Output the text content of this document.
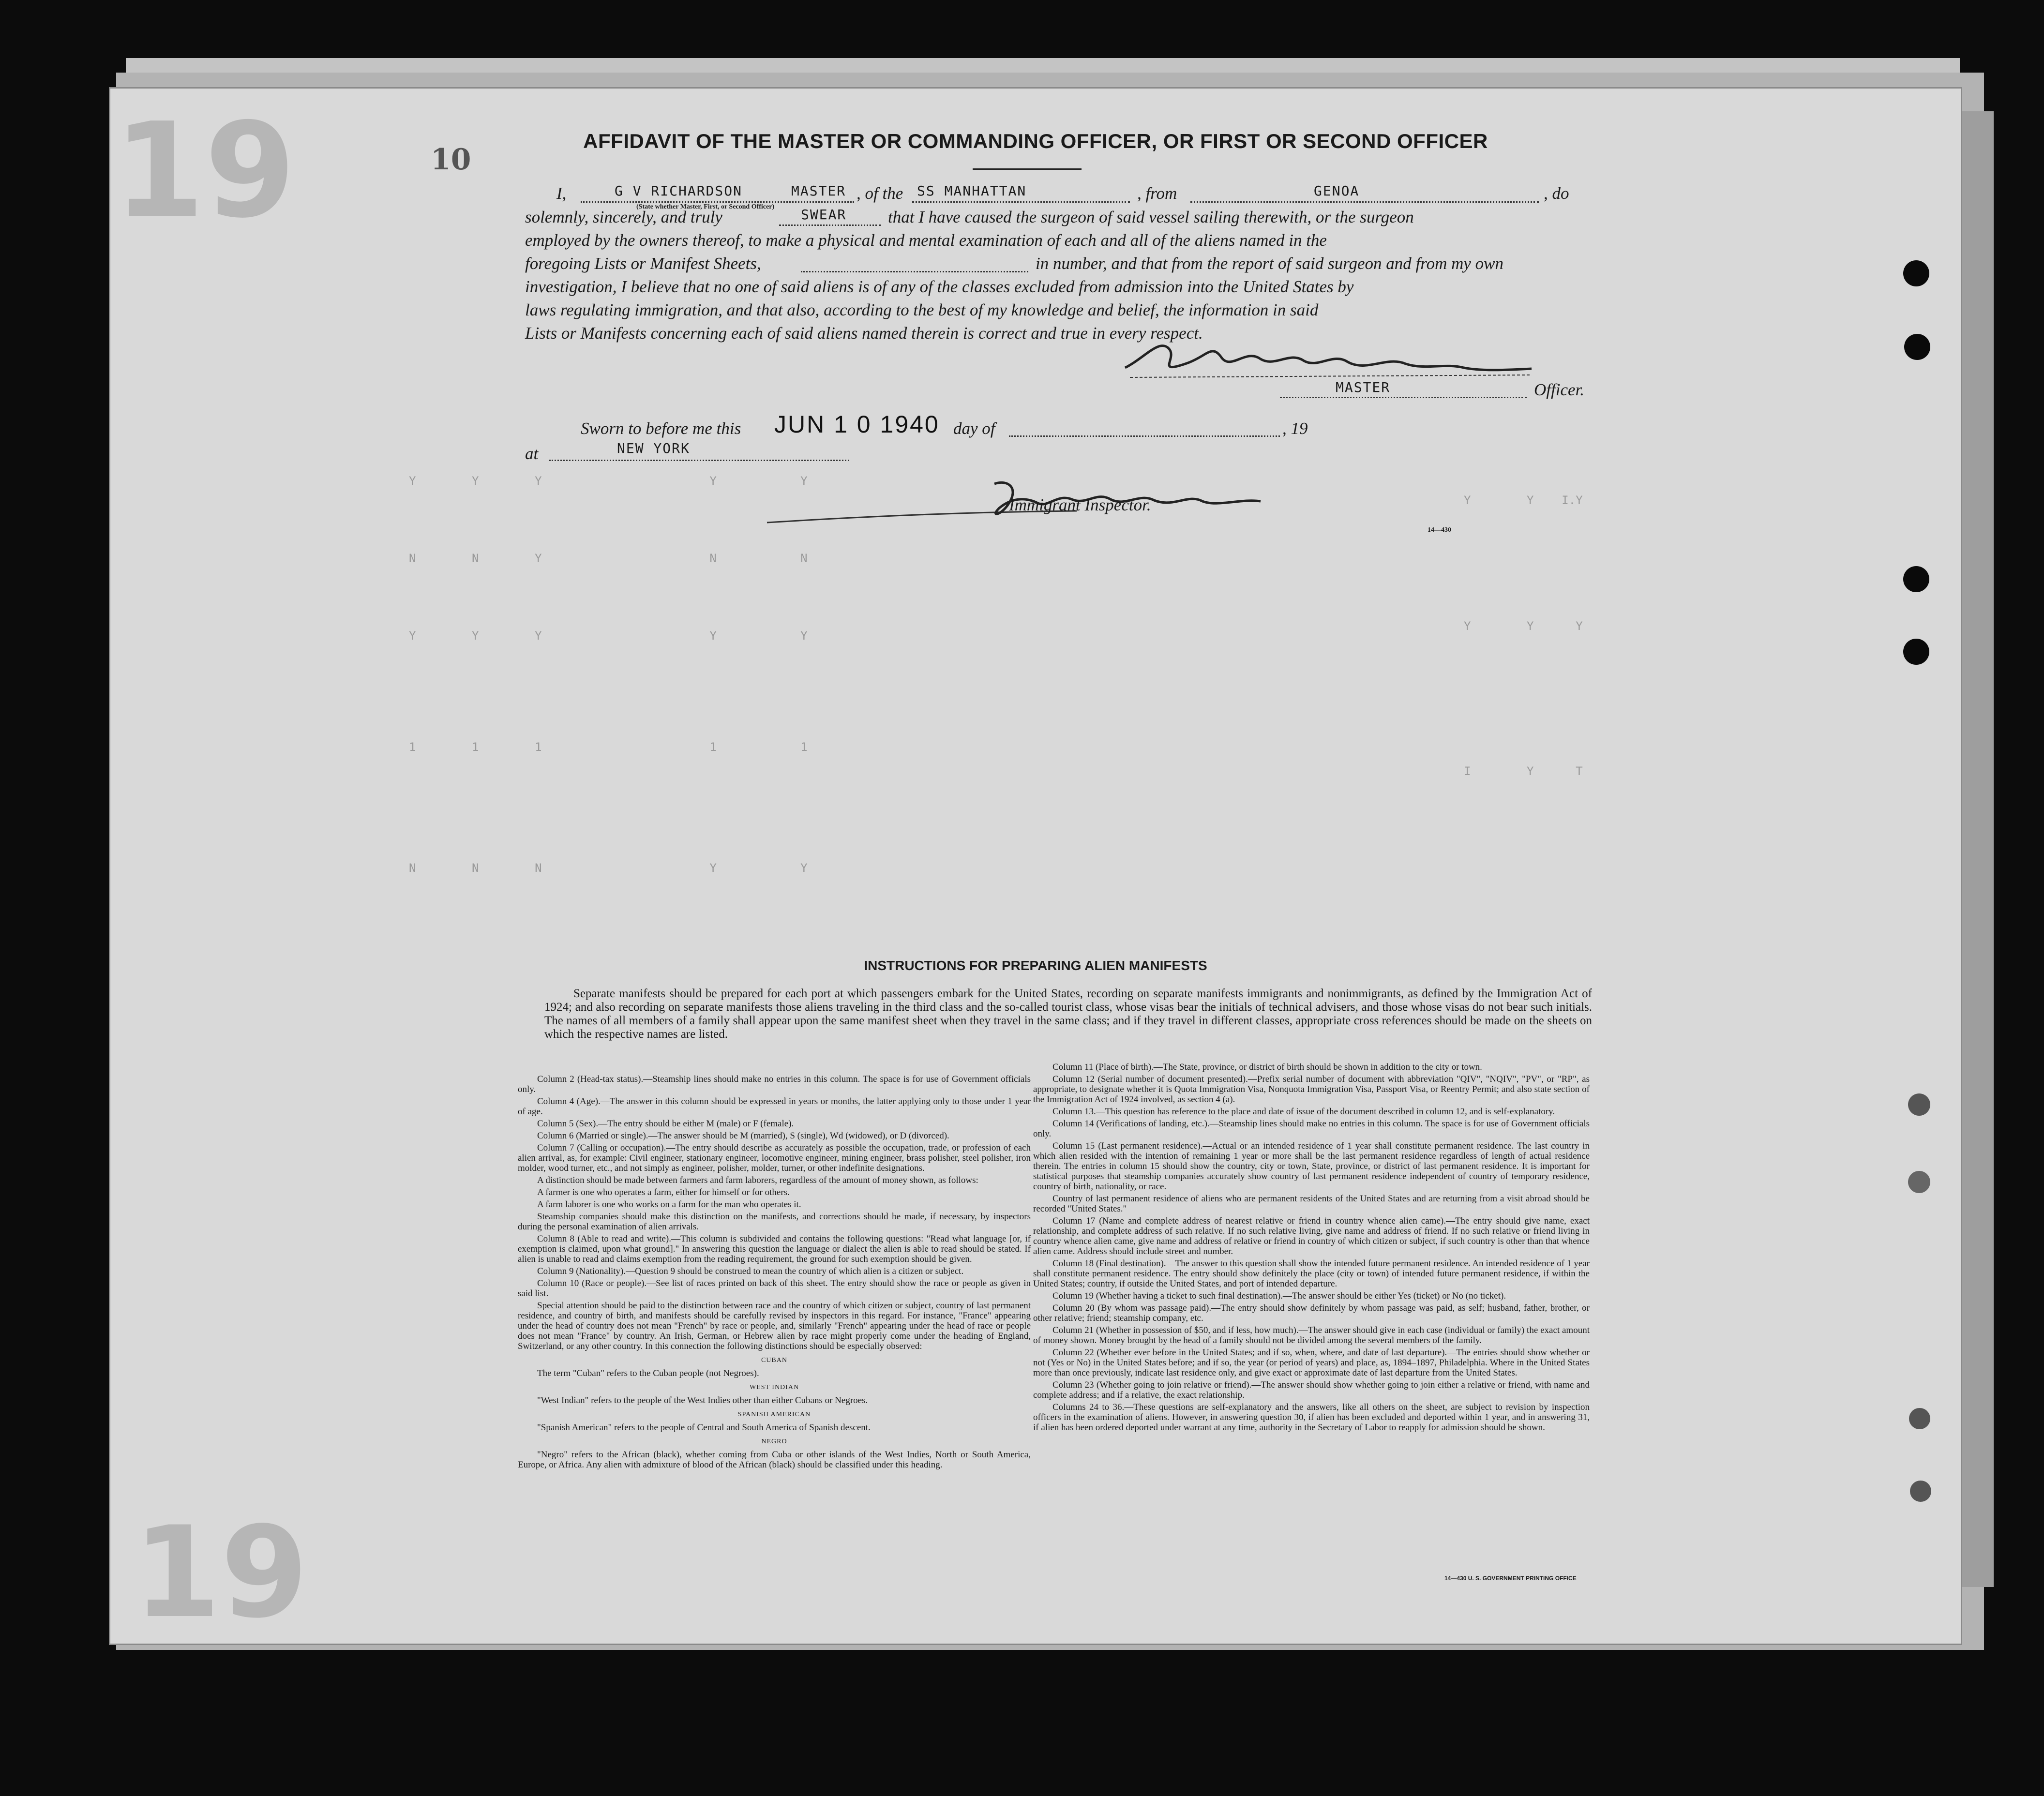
19
19
10
Y        Y        Y                        Y            Y
N        N        Y                        N            N
Y        Y        Y                        Y            Y
1        1        1                        1            1
N        N        N                        Y            Y
Y        Y    I.Y
Y        Y      Y
I        Y      T
AFFIDAVIT OF THE MASTER OR COMMANDING OFFICER, OR FIRST OR SECOND OFFICER
I,	G V RICHARDSON	MASTER
(State whether Master, First, or Second Officer)
, of the SS MANHATTAN	, from	GENOA	, do
solemnly, sincerely, and truly	SWEAR that I have caused the surgeon of said vessel sailing therewith, or the surgeon
employed by the owners thereof, to make a physical and mental examination of each and all of the aliens named in the
foregoing Lists or Manifest Sheets,	in number, and that from the report of said surgeon and from my own
investigation, I believe that no one of said aliens is of any of the classes excluded from admission into the United States by
laws regulating immigration, and that also, according to the best of my knowledge and belief, the information in said
Lists or Manifests concerning each of said aliens named therein is correct and true in every respect.
MASTER	Officer.
Sworn to before me this JUN 1 0 1940 day of	, 19
at	NEW YORK
Immigrant Inspector.
14—430
INSTRUCTIONS FOR PREPARING ALIEN MANIFESTS
Separate manifests should be prepared for each port at which passengers embark for the United States, recording on separate manifests immigrants and nonimmigrants, as defined by the Immigration Act of 1924; and also recording on separate manifests those aliens traveling in the third class and the so-called tourist class, whose visas bear the initials of technical advisers, and those whose visas do not bear such initials. The names of all members of a family shall appear upon the same manifest sheet when they travel in the same class; and if they travel in different classes, appropriate cross references should be made on the sheets on which the respective names are listed.

Column 2 (Head-tax status).—Steamship lines should make no entries in this column. The space is for use of Government officials only.

Column 4 (Age).—The answer in this column should be expressed in years or months, the latter applying only to those under 1 year of age.

Column 5 (Sex).—The entry should be either M (male) or F (female).

Column 6 (Married or single).—The answer should be M (married), S (single), Wd (widowed), or D (divorced).

Column 7 (Calling or occupation).—The entry should describe as accurately as possible the occupation, trade, or profession of each alien arrival, as, for example: Civil engineer, stationary engineer, locomotive engineer, mining engineer, brass polisher, steel polisher, iron molder, wood turner, etc., and not simply as engineer, polisher, molder, turner, or other indefinite designations.

A distinction should be made between farmers and farm laborers, regardless of the amount of money shown, as follows:

A farmer is one who operates a farm, either for himself or for others.

A farm laborer is one who works on a farm for the man who operates it.

Steamship companies should make this distinction on the manifests, and corrections should be made, if necessary, by inspectors during the personal examination of alien arrivals.

Column 8 (Able to read and write).—This column is subdivided and contains the following questions: "Read what language [or, if exemption is claimed, upon what ground]." In answering this question the language or dialect the alien is able to read should be stated. If alien is unable to read and claims exemption from the reading requirement, the ground for such exemption should be given.

Column 9 (Nationality).—Question 9 should be construed to mean the country of which alien is a citizen or subject.

Column 10 (Race or people).—See list of races printed on back of this sheet. The entry should show the race or people as given in said list.

Special attention should be paid to the distinction between race and the country of which citizen or subject, country of last permanent residence, and country of birth, and manifests should be carefully revised by inspectors in this regard. For instance, "France" appearing under the head of country does not mean "French" by race or people, and, similarly "French" appearing under the head of race or people does not mean "France" by country. An Irish, German, or Hebrew alien by race might properly come under the heading of England, Switzerland, or any other country. In this connection the following distinctions should be especially observed:

CUBAN

The term "Cuban" refers to the Cuban people (not Negroes).

WEST INDIAN

"West Indian" refers to the people of the West Indies other than either Cubans or Negroes.

SPANISH AMERICAN

"Spanish American" refers to the people of Central and South America of Spanish descent.

NEGRO

"Negro" refers to the African (black), whether coming from Cuba or other islands of the West Indies, North or South America, Europe, or Africa. Any alien with admixture of blood of the African (black) should be classified under this heading.

Column 11 (Place of birth).—The State, province, or district of birth should be shown in addition to the city or town.

Column 12 (Serial number of document presented).—Prefix serial number of document with abbreviation "QIV", "NQIV", "PV", or "RP", as appropriate, to designate whether it is Quota Immigration Visa, Nonquota Immigration Visa, Passport Visa, or Reentry Permit; and also state section of the Immigration Act of 1924 involved, as section 4 (a).

Column 13.—This question has reference to the place and date of issue of the document described in column 12, and is self-explanatory.

Column 14 (Verifications of landing, etc.).—Steamship lines should make no entries in this column. The space is for use of Government officials only.

Column 15 (Last permanent residence).—Actual or an intended residence of 1 year shall constitute permanent residence. The last country in which alien resided with the intention of remaining 1 year or more shall be the last permanent residence regardless of length of actual residence therein. The entries in column 15 should show the country, city or town, State, province, or district of last permanent residence. It is important for statistical purposes that steamship companies accurately show country of last permanent residence independent of country of temporary residence, country of birth, nationality, or race.

Country of last permanent residence of aliens who are permanent residents of the United States and are returning from a visit abroad should be recorded "United States."

Column 17 (Name and complete address of nearest relative or friend in country whence alien came).—The entry should give name, exact relationship, and complete address of such relative. If no such relative living, give name and address of friend. If no such relative or friend living in country whence alien came, give name and address of relative or friend in country of which citizen or subject, if such country is other than that whence alien came. Address should include street and number.

Column 18 (Final destination).—The answer to this question shall show the intended future permanent residence. An intended residence of 1 year shall constitute permanent residence. The entry should show definitely the place (city or town) of intended future permanent residence, if within the United States; country, if outside the United States, and port of intended departure.

Column 19 (Whether having a ticket to such final destination).—The answer should be either Yes (ticket) or No (no ticket).

Column 20 (By whom was passage paid).—The entry should show definitely by whom passage was paid, as self; husband, father, brother, or other relative; friend; steamship company, etc.

Column 21 (Whether in possession of $50, and if less, how much).—The answer should give in each case (individual or family) the exact amount of money shown. Money brought by the head of a family should not be divided among the several members of the family.

Column 22 (Whether ever before in the United States; and if so, when, where, and date of last departure).—The entries should show whether or not (Yes or No) in the United States before; and if so, the year (or period of years) and place, as, 1894–1897, Philadelphia. Where in the United States more than once previously, indicate last residence only, and give exact or approximate date of last departure from the United States.

Column 23 (Whether going to join relative or friend).—The answer should show whether going to join either a relative or friend, with name and complete address; and if a relative, the exact relationship.

Columns 24 to 36.—These questions are self-explanatory and the answers, like all others on the sheet, are subject to revision by inspection officers in the examination of aliens. However, in answering question 30, if alien has been excluded and deported within 1 year, and in answering 31, if alien has been ordered deported under warrant at any time, authority in the Secretary of Labor to reapply for admission should be shown.

14—430 U. S. GOVERNMENT PRINTING OFFICE
